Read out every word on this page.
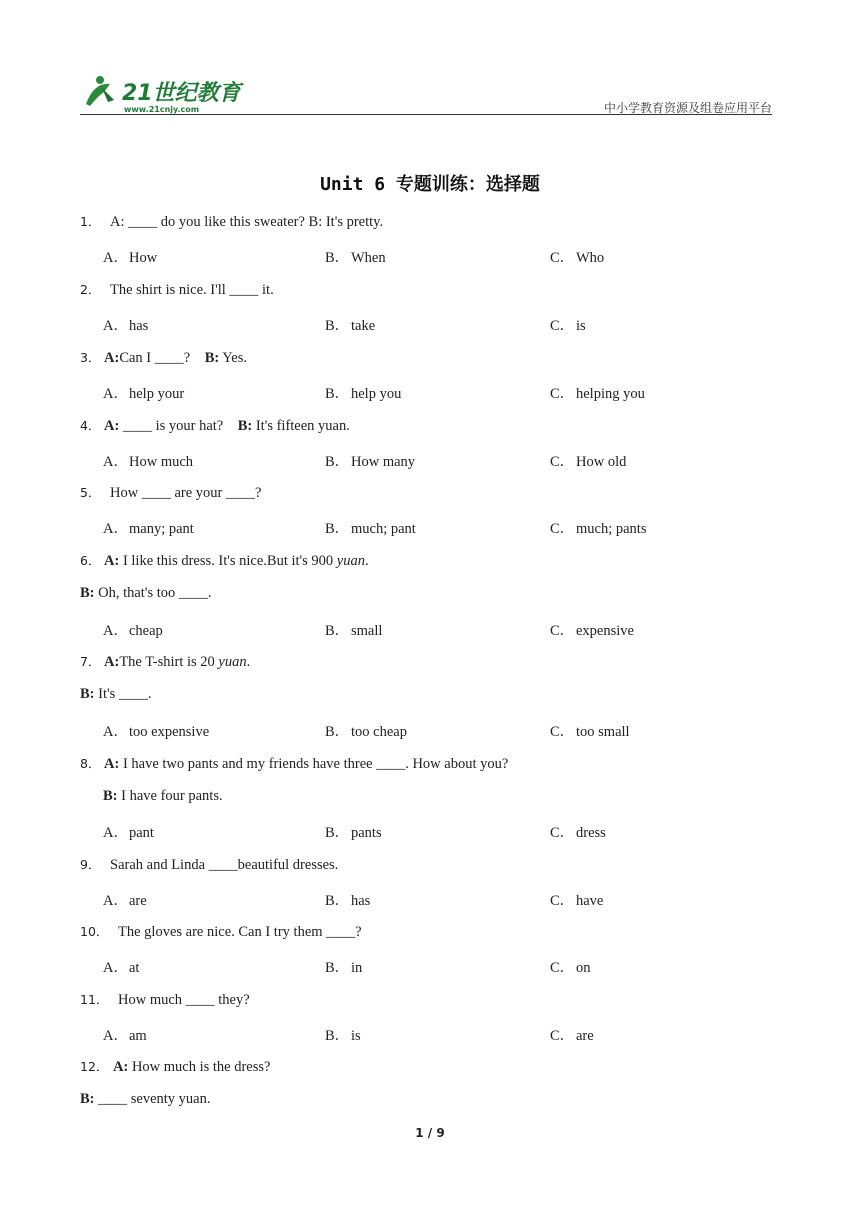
21世纪教育
www.21cnjy.com	中小学教育资源及组卷应用平台
Unit 6 专题训练：选择题
1． A: ____ do you like this sweater? B: It's pretty.
A．How	B． When	C． Who
2． The shirt is nice. I'll ____ it.
A．has	B． take	C． is
3． A:Can I ____? B: Yes.
A．help your	B． help you	C． helping you
4． A: ____ is your hat? B: It's fifteen yuan.
A．How much	B． How many	C． How old
5． How ____ are your ____?
A．many; pant	B． much; pant	C． much; pants
6． A: I like this dress. It's nice.But it's 900 yuan.
B: Oh, that's too ____.
A．cheap	B． small	C． expensive
7． A:The T-shirt is 20 yuan.
B: It's ____.
A．too expensive	B． too cheap	C． too small
8． A: I have two pants and my friends have three ____. How about you?
B: I have four pants.
A．pant	B． pants	C． dress
9． Sarah and Linda ____beautiful dresses.
A．are	B． has	C． have
10． The gloves are nice. Can I try them ____?
A．at	B． in	C． on
11． How much ____ they?
A．am	B． is	C． are
12． A: How much is the dress?
B: ____ seventy yuan.
1 / 9
